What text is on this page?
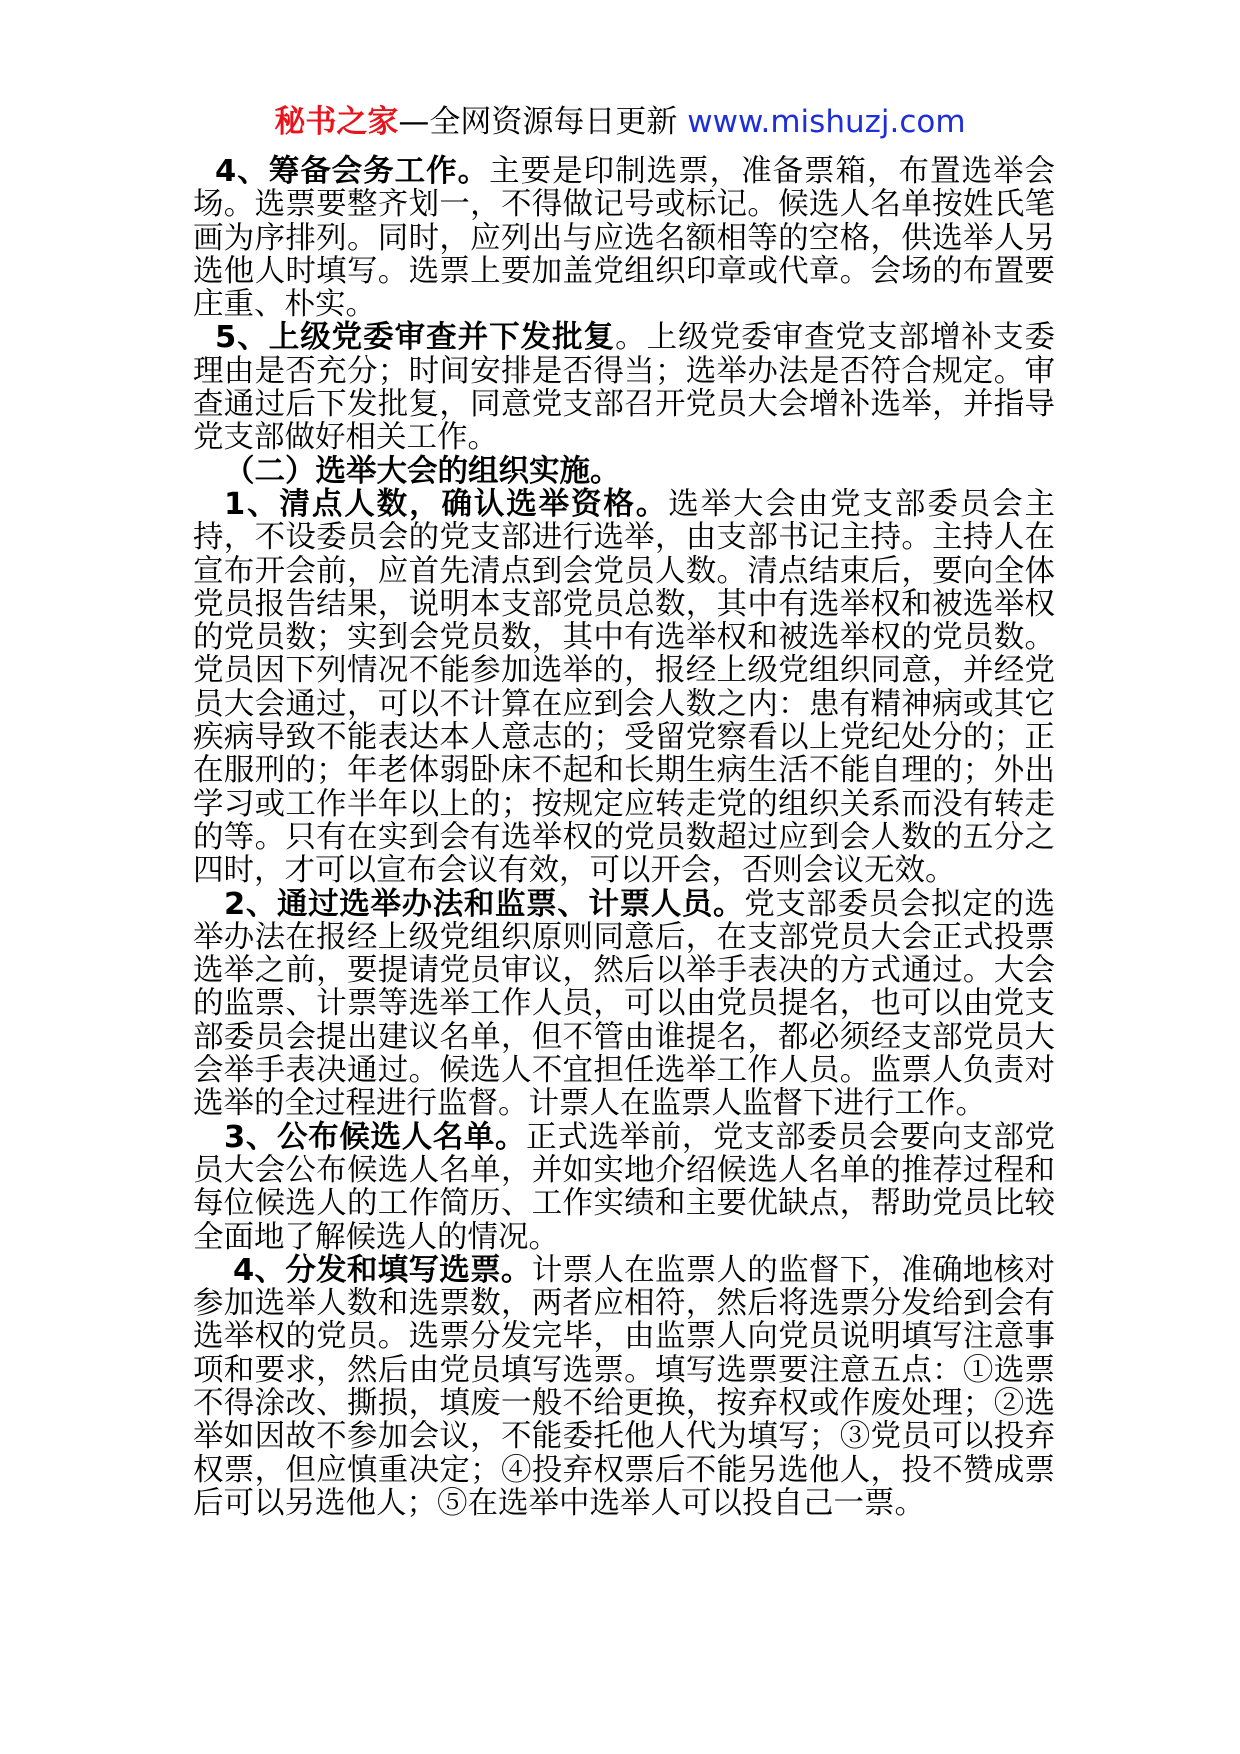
秘书之家—全网资源每日更新 www.mishuzj.com

4、筹备会务工作。主要是印制选票，准备票箱，布置选举会场。选票要整齐划一，不得做记号或标记。候选人名单按姓氏笔画为序排列。同时，应列出与应选名额相等的空格，供选举人另选他人时填写。选票上要加盖党组织印章或代章。会场的布置要庄重、朴实。

5、上级党委审查并下发批复。上级党委审查党支部增补支委理由是否充分；时间安排是否得当；选举办法是否符合规定。审查通过后下发批复，同意党支部召开党员大会增补选举，并指导党支部做好相关工作。

（二）选举大会的组织实施。

1、清点人数，确认选举资格。选举大会由党支部委员会主持，不设委员会的党支部进行选举，由支部书记主持。主持人在宣布开会前，应首先清点到会党员人数。清点结束后，要向全体党员报告结果，说明本支部党员总数，其中有选举权和被选举权的党员数；实到会党员数，其中有选举权和被选举权的党员数。党员因下列情况不能参加选举的，报经上级党组织同意，并经党员大会通过，可以不计算在应到会人数之内：患有精神病或其它疾病导致不能表达本人意志的；受留党察看以上党纪处分的；正在服刑的；年老体弱卧床不起和长期生病生活不能自理的；外出学习或工作半年以上的；按规定应转走党的组织关系而没有转走的等。只有在实到会有选举权的党员数超过应到会人数的五分之四时，才可以宣布会议有效，可以开会，否则会议无效。

2、通过选举办法和监票、计票人员。党支部委员会拟定的选举办法在报经上级党组织原则同意后，在支部党员大会正式投票选举之前，要提请党员审议，然后以举手表决的方式通过。大会的监票、计票等选举工作人员，可以由党员提名，也可以由党支部委员会提出建议名单，但不管由谁提名，都必须经支部党员大会举手表决通过。候选人不宜担任选举工作人员。监票人负责对选举的全过程进行监督。计票人在监票人监督下进行工作。

3、公布候选人名单。正式选举前，党支部委员会要向支部党员大会公布候选人名单，并如实地介绍候选人名单的推荐过程和每位候选人的工作简历、工作实绩和主要优缺点，帮助党员比较全面地了解候选人的情况。

4、分发和填写选票。计票人在监票人的监督下，准确地核对参加选举人数和选票数，两者应相符，然后将选票分发给到会有选举权的党员。选票分发完毕，由监票人向党员说明填写注意事项和要求，然后由党员填写选票。填写选票要注意五点：①选票不得涂改、撕损，填废一般不给更换，按弃权或作废处理；②选举如因故不参加会议，不能委托他人代为填写；③党员可以投弃权票，但应慎重决定；④投弃权票后不能另选他人，投不赞成票后可以另选他人；⑤在选举中选举人可以投自己一票。
